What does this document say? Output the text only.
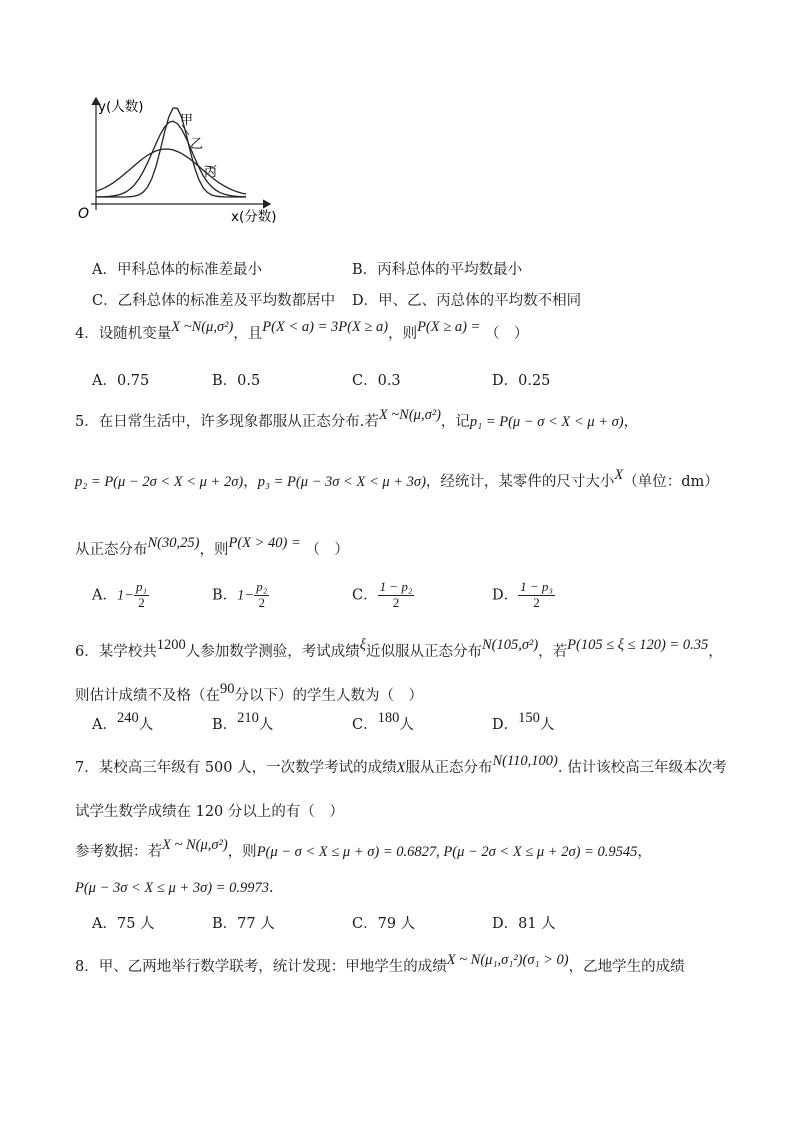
y(人数)
x(分数)
O
甲
乙
丙
A．甲科总体的标准差最小	B．丙科总体的平均数最小
C．乙科总体的标准差及平均数都居中 D．甲、乙、丙总体的平均数不相同
4．设随机变量X ~N(μ,σ²)，且P(X < a) = 3P(X ≥ a)，则P(X ≥ a) = （　）
A．0.75	B．0.5	C．0.3	D．0.25
5．在日常生活中，许多现象都服从正态分布.若X ~N(μ,σ²)，记p₁ = P(μ − σ < X < μ + σ)，
p₂ = P(μ − 2σ < X < μ + 2σ)，p₃ = P(μ − 3σ < X < μ + 3σ)，经统计，某零件的尺寸大小X（单位：dm）
从正态分布N(30,25)，则P(X > 40) = （　）
A．$1- \frac{\text{p₁}}{2}$	B．$1- \frac{\text{p₂}}{2}$	C． $\frac{\text{1 − p₂}}{2}$	D． $\frac{\text{1 − p₃}}{2}$
6．某学校共1200人参加数学测验，考试成绩ξ近似服从正态分布N(105,σ²)，若P(105 ≤ ξ ≤ 120) = 0.35，
则估计成绩不及格（在90分以下）的学生人数为（　）
A．240人	B．210人	C．180人	D．150人
7．某校高三年级有 500 人，一次数学考试的成绩X服从正态分布N(110,100). 估计该校高三年级本次考
试学生数学成绩在 120 分以上的有（　）
参考数据：若X ~ N(μ,σ²)，则P(μ − σ < X ≤ μ + σ) = 0.6827, P(μ − 2σ < X ≤ μ + 2σ) = 0.9545，
P(μ − 3σ < X ≤ μ + 3σ) = 0.9973.
A．75 人	B．77 人	C．79 人	D．81 人
8．甲、乙两地举行数学联考，统计发现：甲地学生的成绩X ~ N(μ₁,σ₁²)(σ₁ > 0)，乙地学生的成绩
